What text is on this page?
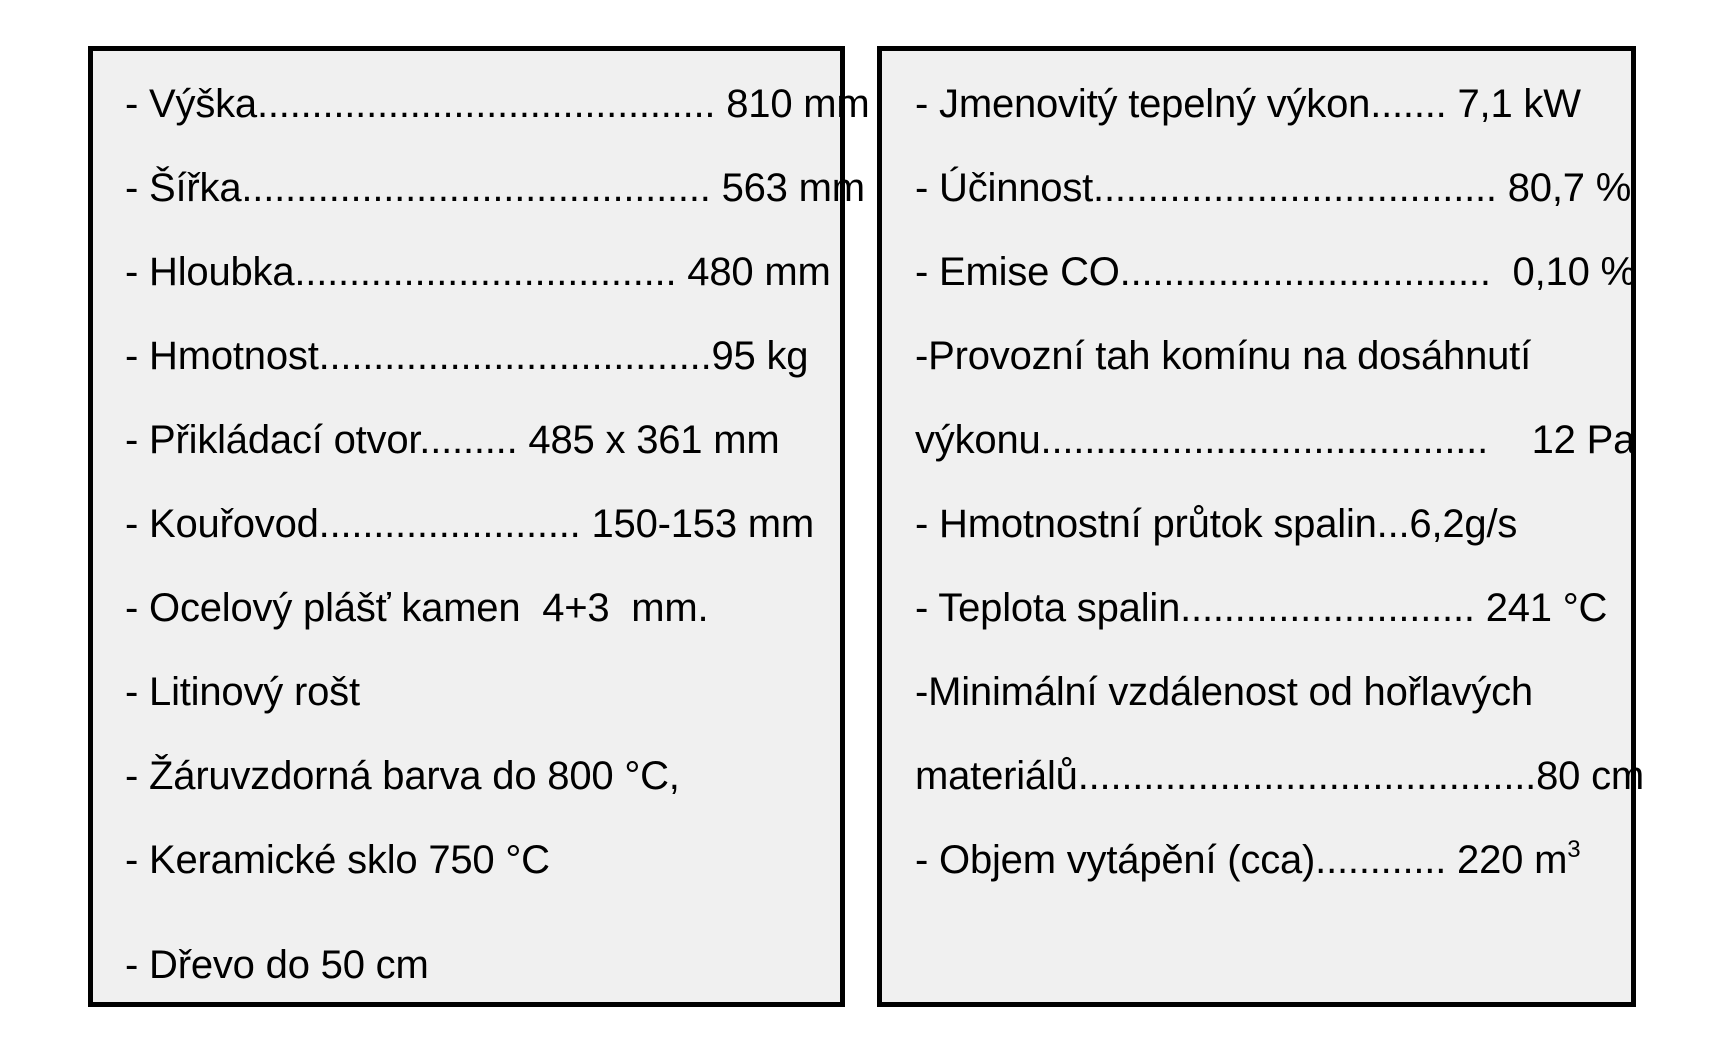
- Výška.......................................... 810 mm
- Šířka........................................... 563 mm
- Hloubka................................... 480 mm
- Hmotnost....................................95 kg
- Přikládací otvor......... 485 x 361 mm
- Kouřovod........................ 150-153 mm
- Ocelový plášť kamen  4+3  mm.
- Litinový rošt
- Žáruvzdorná barva do 800 °C,
- Keramické sklo 750 °C
- Dřevo do 50 cm
- Jmenovitý tepelný výkon....... 7,1 kW
- Účinnost..................................... 80,7 %
- Emise CO..................................  0,10 %
-Provozní tah komínu na dosáhnutí
výkonu.........................................    12 Pa
- Hmotnostní průtok spalin...6,2g/s
- Teplota spalin........................... 241 °C
-Minimální vzdálenost od hořlavých
materiálů..........................................80 cm
- Objem vytápění (cca)............ 220 $m^3$
